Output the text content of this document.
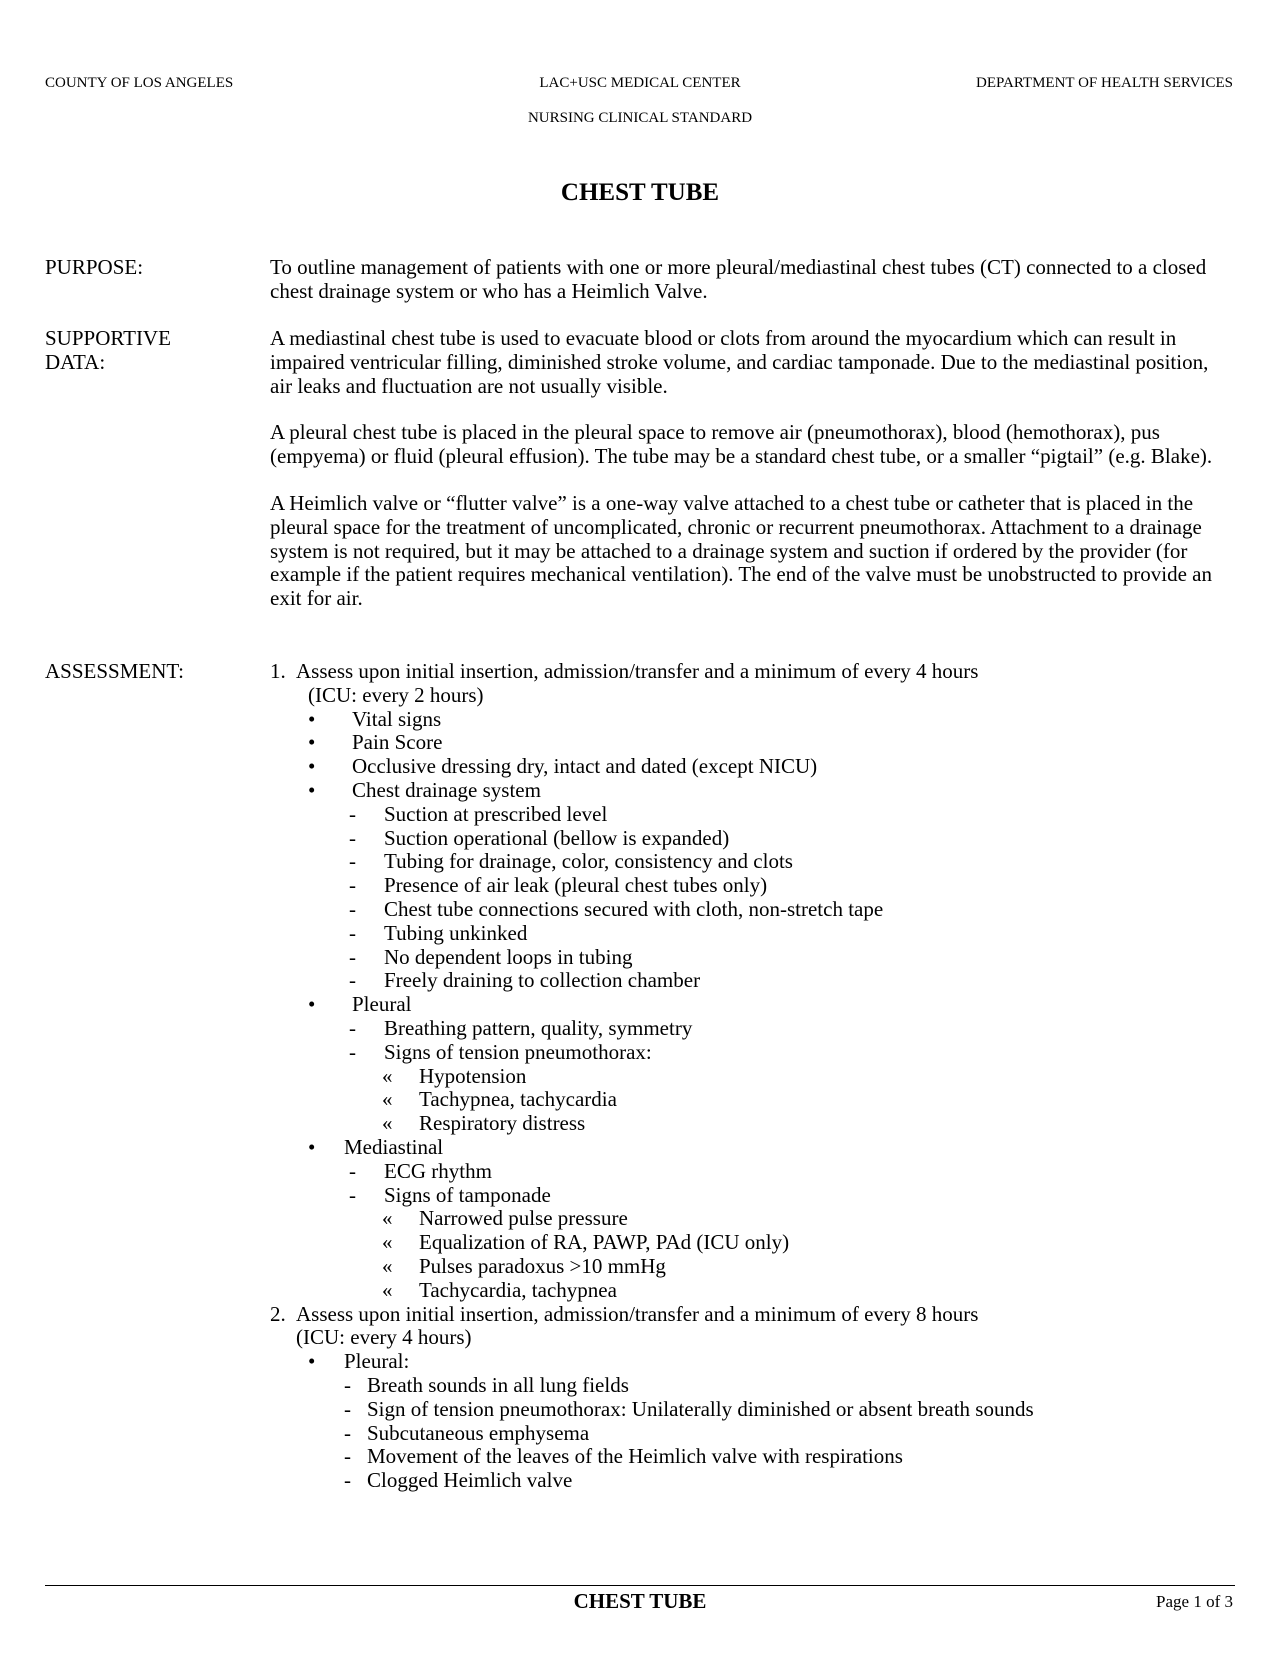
COUNTY OF LOS ANGELES	LAC+USC MEDICAL CENTER	DEPARTMENT OF HEALTH SERVICES
NURSING CLINICAL STANDARD
CHEST TUBE
PURPOSE:	To outline management of patients with one or more pleural/mediastinal chest tubes (CT) connected to a closed chest drainage system or who has a Heimlich Valve.

SUPPORTIVE
DATA:

A mediastinal chest tube is used to evacuate blood or clots from around the myocardium which can result in impaired ventricular filling, diminished stroke volume, and cardiac tamponade. Due to the mediastinal position, air leaks and fluctuation are not usually visible.

A pleural chest tube is placed in the pleural space to remove air (pneumothorax), blood (hemothorax), pus (empyema) or fluid (pleural effusion). The tube may be a standard chest tube, or a smaller “pigtail” (e.g. Blake).

A Heimlich valve or “flutter valve” is a one-way valve attached to a chest tube or catheter that is placed in the pleural space for the treatment of uncomplicated, chronic or recurrent pneumothorax. Attachment to a drainage system is not required, but it may be attached to a drainage system and suction if ordered by the provider (for example if the patient requires mechanical ventilation). The end of the valve must be unobstructed to provide an exit for air.

ASSESSMENT:	1. Assess upon initial insertion, admission/transfer and a minimum of every 4 hours
(ICU: every 2 hours)
•	Vital signs
•	Pain Score
•	Occlusive dressing dry, intact and dated (except NICU)
•	Chest drainage system
-	Suction at prescribed level
-	Suction operational (bellow is expanded)
-	Tubing for drainage, color, consistency and clots
-	Presence of air leak (pleural chest tubes only)
-	Chest tube connections secured with cloth, non-stretch tape
-	Tubing unkinked
-	No dependent loops in tubing
-	Freely draining to collection chamber
•	Pleural
-	Breathing pattern, quality, symmetry
-	Signs of tension pneumothorax:
«	Hypotension
«	Tachypnea, tachycardia
«	Respiratory distress
•	Mediastinal
-	ECG rhythm
-	Signs of tamponade
«	Narrowed pulse pressure
«	Equalization of RA, PAWP, PAd (ICU only)
«	Pulses paradoxus >10 mmHg
«	Tachycardia, tachypnea
2. Assess upon initial insertion, admission/transfer and a minimum of every 8 hours
(ICU: every 4 hours)
•	Pleural:
- Breath sounds in all lung fields
- Sign of tension pneumothorax: Unilaterally diminished or absent breath sounds
- Subcutaneous emphysema
- Movement of the leaves of the Heimlich valve with respirations
- Clogged Heimlich valve
CHEST TUBE	Page 1 of 3
